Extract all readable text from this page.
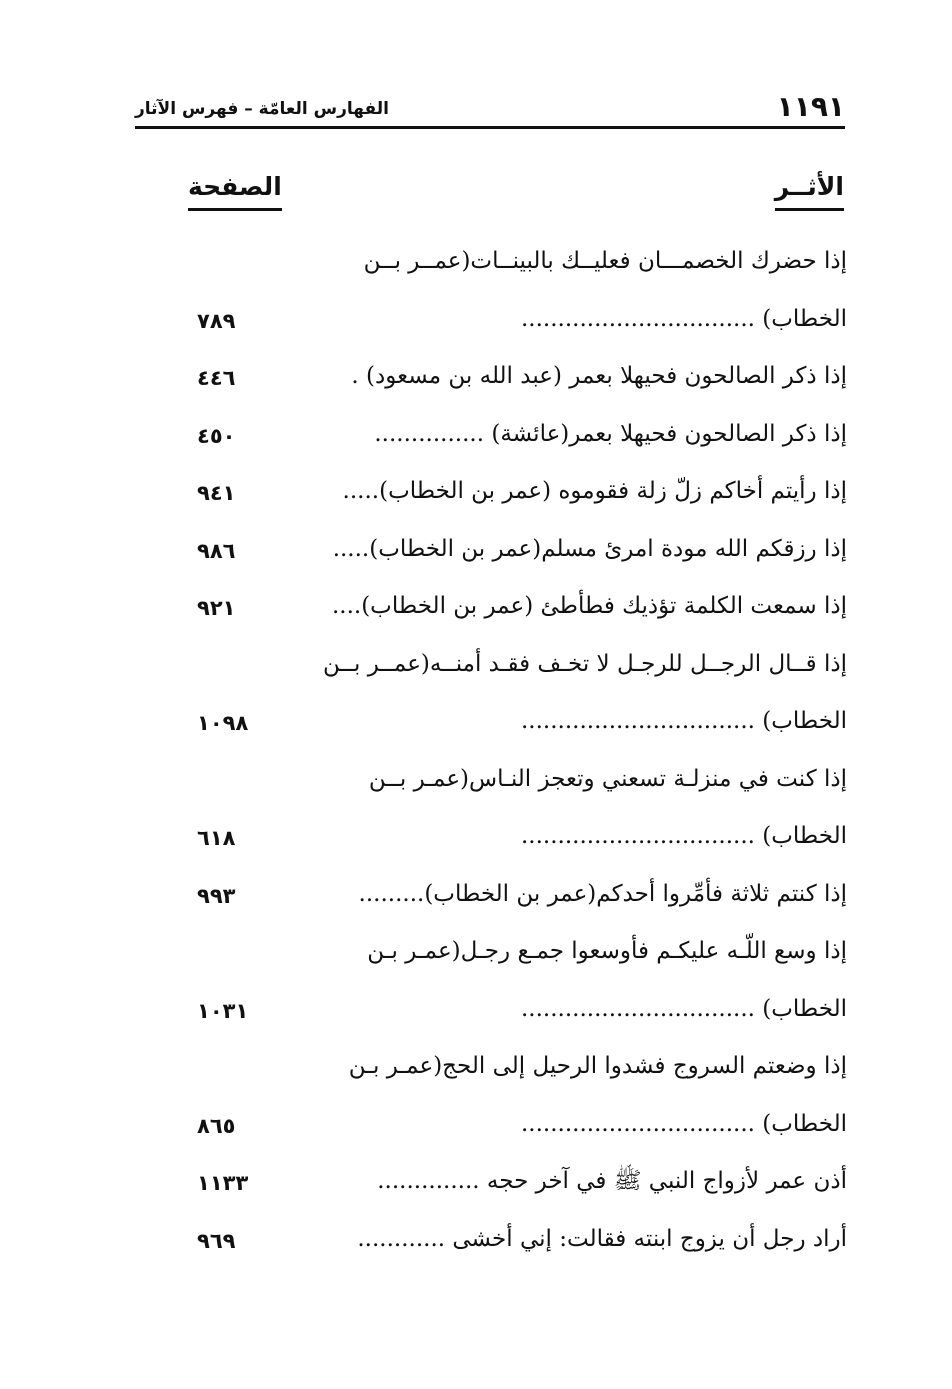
١١٩١
الفهارس العامّة – فهرس الآثار
الأثــر
الصفحة
إذا حضرك الخصمـــان فعليــك بالبينــات(عمــر بــن
الخطاب) ................................
٧٨٩
إذا ذكر الصالحون فحيهلا بعمر (عبد الله بن مسعود) .
٤٤٦
إذا ذكر الصالحون فحيهلا بعمر(عائشة) ...............
٤٥٠
إذا رأيتم أخاكم زلّ زلة فقوموه (عمر بن الخطاب).....
٩٤١
إذا رزقكم الله مودة امرئ مسلم(عمر بن الخطاب).....
٩٨٦
إذا سمعت الكلمة تؤذيك فطأطئ (عمر بن الخطاب)....
٩٢١
إذا قــال الرجــل للرجـل لا تخـف فقـد أمنــه(عمــر بــن
الخطاب) ................................
١٠٩٨
إذا كنت في منزلـة تسعني وتعجز النـاس(عمـر بــن
الخطاب) ................................
٦١٨
إذا كنتم ثلاثة فأمِّروا أحدكم(عمر بن الخطاب).........
٩٩٣
إذا وسع اللّـه عليكـم فأوسعوا جمـع رجـل(عمـر بـن
الخطاب) ................................
١٠٣١
إذا وضعتم السروج فشدوا الرحيل إلى الحج(عمـر بـن
الخطاب) ................................
٨٦٥
أذن عمر لأزواج النبي ﷺ في آخر حجه ..............
١١٣٣
أراد رجل أن يزوج ابنته فقالت: إني أخشى ............
٩٦٩
